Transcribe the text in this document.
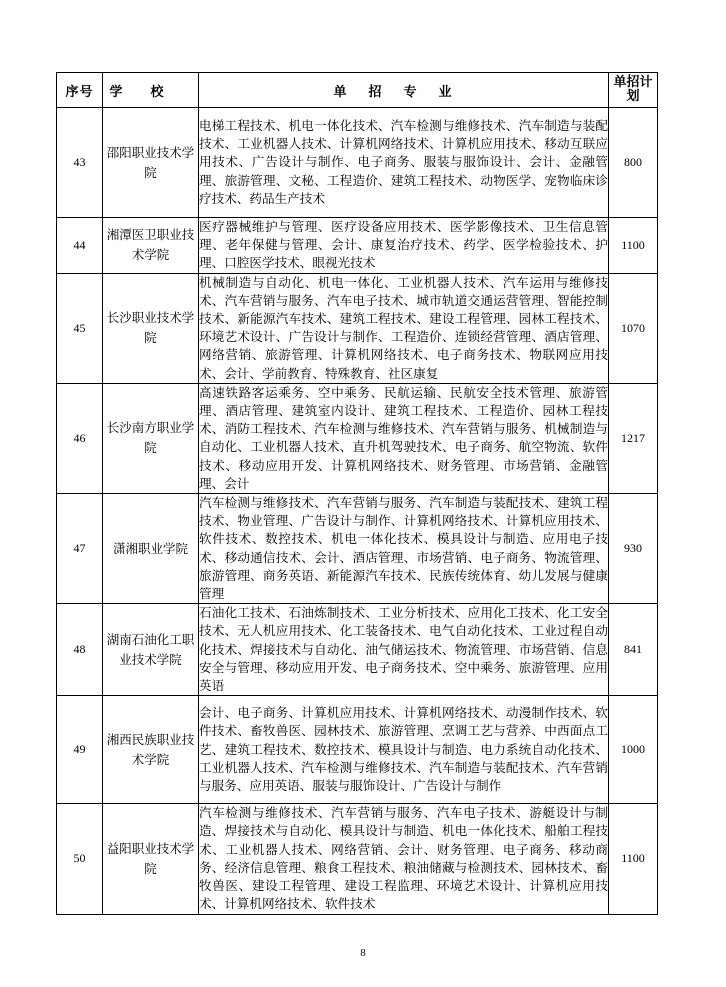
序号	学校	单招专业	单招计划
43	邵阳职业技术学院	电梯工程技术、机电一体化技术、汽车检测与维修技术、汽车制造与装配技术、工业机器人技术、计算机网络技术、计算机应用技术、移动互联应用技术、广告设计与制作、电子商务、服装与服饰设计、会计、金融管理、旅游管理、文秘、工程造价、建筑工程技术、动物医学、宠物临床诊疗技术、药品生产技术	800
44	湘潭医卫职业技术学院	医疗器械维护与管理、医疗设备应用技术、医学影像技术、卫生信息管理、老年保健与管理、会计、康复治疗技术、药学、医学检验技术、护理、口腔医学技术、眼视光技术	1100
45	长沙职业技术学院	机械制造与自动化、机电一体化、工业机器人技术、汽车运用与维修技术、汽车营销与服务、汽车电子技术、城市轨道交通运营管理、智能控制技术、新能源汽车技术、建筑工程技术、建设工程管理、园林工程技术、环境艺术设计、广告设计与制作、工程造价、连锁经营管理、酒店管理、网络营销、旅游管理、计算机网络技术、电子商务技术、物联网应用技术、会计、学前教育、特殊教育、社区康复	1070
46	长沙南方职业学院	高速铁路客运乘务、空中乘务、民航运输、民航安全技术管理、旅游管理、酒店管理、建筑室内设计、建筑工程技术、工程造价、园林工程技术、消防工程技术、汽车检测与维修技术、汽车营销与服务、机械制造与自动化、工业机器人技术、直升机驾驶技术、电子商务、航空物流、软件技术、移动应用开发、计算机网络技术、财务管理、市场营销、金融管理、会计	1217
47	潇湘职业学院	汽车检测与维修技术、汽车营销与服务、汽车制造与装配技术、建筑工程技术、物业管理、广告设计与制作、计算机网络技术、计算机应用技术、软件技术、数控技术、机电一体化技术、模具设计与制造、应用电子技术、移动通信技术、会计、酒店管理、市场营销、电子商务、物流管理、旅游管理、商务英语、新能源汽车技术、民族传统体育、幼儿发展与健康管理	930
48	湖南石油化工职业技术学院	石油化工技术、石油炼制技术、工业分析技术、应用化工技术、化工安全技术、无人机应用技术、化工装备技术、电气自动化技术、工业过程自动化技术、焊接技术与自动化、油气储运技术、物流管理、市场营销、信息安全与管理、移动应用开发、电子商务技术、空中乘务、旅游管理、应用英语	841
49	湘西民族职业技术学院	会计、电子商务、计算机应用技术、计算机网络技术、动漫制作技术、软件技术、畜牧兽医、园林技术、旅游管理、烹调工艺与营养、中西面点工艺、建筑工程技术、数控技术、模具设计与制造、电力系统自动化技术、工业机器人技术、汽车检测与维修技术、汽车制造与装配技术、汽车营销与服务、应用英语、服装与服饰设计、广告设计与制作	1000
50	益阳职业技术学院	汽车检测与维修技术、汽车营销与服务、汽车电子技术、游艇设计与制造、焊接技术与自动化、模具设计与制造、机电一体化技术、船舶工程技术、工业机器人技术、网络营销、会计、财务管理、电子商务、移动商务、经济信息管理、粮食工程技术、粮油储藏与检测技术、园林技术、畜牧兽医、建设工程管理、建设工程监理、环境艺术设计、计算机应用技术、计算机网络技术、软件技术	1100
8
